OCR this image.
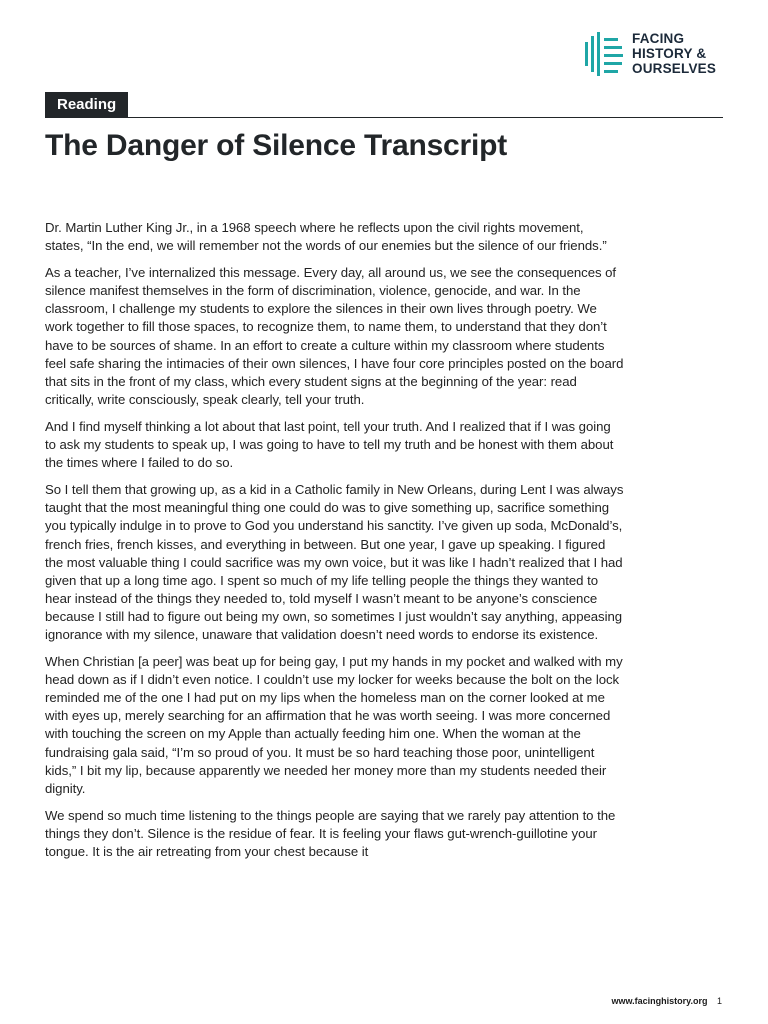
FACING
HISTORY &
OURSELVES
Reading
The Danger of Silence Transcript

Dr. Martin Luther King Jr., in a 1968 speech where he reflects upon the civil rights movement, states, “In the end, we will remember not the words of our enemies but the silence of our friends.”

As a teacher, I’ve internalized this message. Every day, all around us, we see the consequences of silence manifest themselves in the form of discrimination, violence, genocide, and war. In the classroom, I challenge my students to explore the silences in their own lives through poetry. We work together to fill those spaces, to recognize them, to name them, to understand that they don’t have to be sources of shame. In an effort to create a culture within my classroom where students feel safe sharing the intimacies of their own silences, I have four core principles posted on the board that sits in the front of my class, which every student signs at the beginning of the year: read critically, write consciously, speak clearly, tell your truth.

And I find myself thinking a lot about that last point, tell your truth. And I realized that if I was going to ask my students to speak up, I was going to have to tell my truth and be honest with them about the times where I failed to do so.

So I tell them that growing up, as a kid in a Catholic family in New Orleans, during Lent I was always taught that the most meaningful thing one could do was to give something up, sacrifice something you typically indulge in to prove to God you understand his sanctity. I’ve given up soda, McDonald’s, french fries, french kisses, and everything in between. But one year, I gave up speaking. I figured the most valuable thing I could sacrifice was my own voice, but it was like I hadn’t realized that I had given that up a long time ago. I spent so much of my life telling people the things they wanted to hear instead of the things they needed to, told myself I wasn’t meant to be anyone’s conscience because I still had to figure out being my own, so sometimes I just wouldn’t say anything, appeasing ignorance with my silence, unaware that validation doesn’t need words to endorse its existence.

When Christian [a peer] was beat up for being gay, I put my hands in my pocket and walked with my head down as if I didn’t even notice. I couldn’t use my locker for weeks because the bolt on the lock reminded me of the one I had put on my lips when the homeless man on the corner looked at me with eyes up, merely searching for an affirmation that he was worth seeing. I was more concerned with touching the screen on my Apple than actually feeding him one. When the woman at the fundraising gala said, “I’m so proud of you. It must be so hard teaching those poor, unintelligent kids,” I bit my lip, because apparently we needed her money more than my students needed their dignity.

We spend so much time listening to the things people are saying that we rarely pay attention to the things they don’t. Silence is the residue of fear. It is feeling your flaws gut-wrench-guillotine your tongue. It is the air retreating from your chest because it

www.facinghistory.org 1
